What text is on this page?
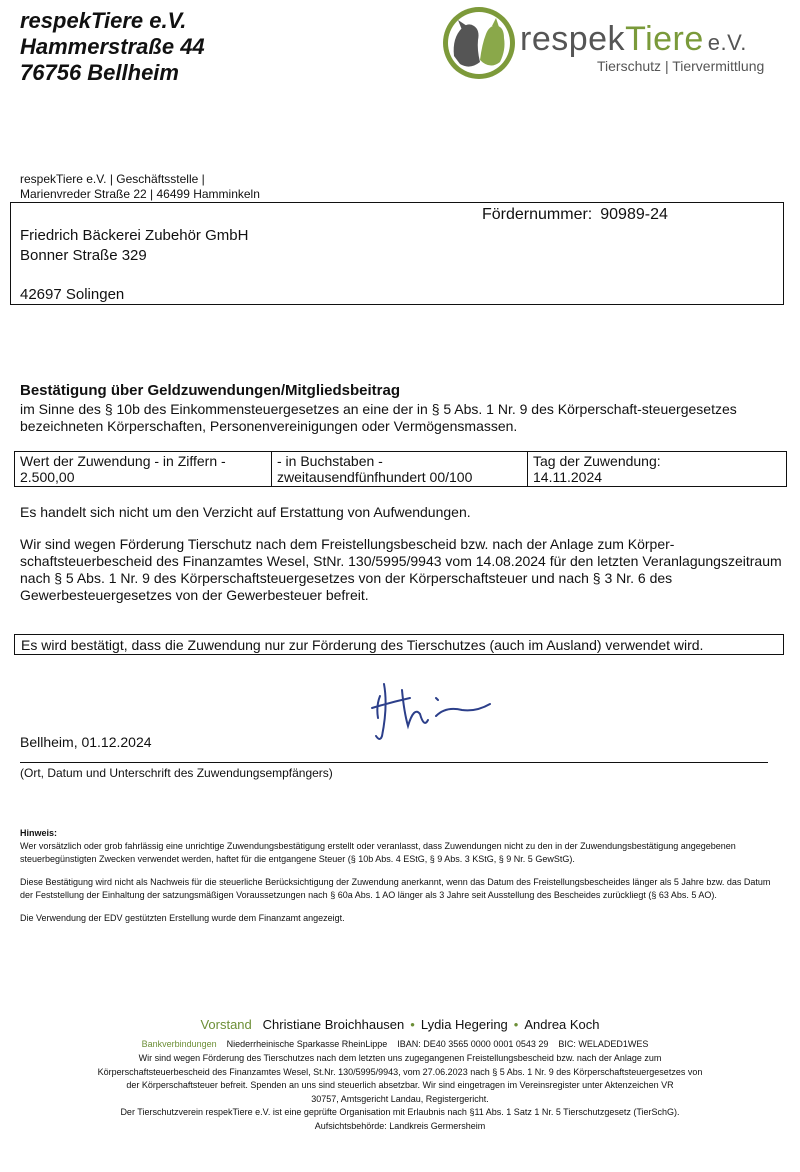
respekTiere e.V.
Hammerstraße 44
76756 Bellheim
respekTiere e.V.
Tierschutz | Tiervermittlung
respekTiere e.V. | Geschäftsstelle |
Marienvreder Straße 22 | 46499 Hamminkeln
Fördernummer: 90989-24
Friedrich Bäckerei Zubehör GmbH
Bonner Straße 329
42697 Solingen
Bestätigung über Geldzuwendungen/Mitgliedsbeitrag
im Sinne des § 10b des Einkommensteuergesetzes an eine der in § 5 Abs. 1 Nr. 9 des Körperschaft-steuergesetzes bezeichneten Körperschaften, Personenvereinigungen oder Vermögensmassen.
Wert der Zuwendung - in Ziffern -
2.500,00

- in Buchstaben -
zweitausendfünfhundert 00/100

Tag der Zuwendung:
14.11.2024
Es handelt sich nicht um den Verzicht auf Erstattung von Aufwendungen.
Wir sind wegen Förderung Tierschutz nach dem Freistellungsbescheid bzw. nach der Anlage zum Körper-schaftsteuerbescheid des Finanzamtes Wesel, StNr. 130/5995/9943 vom 14.08.2024 für den letzten Veranlagungszeitraum nach § 5 Abs. 1 Nr. 9 des Körperschaftsteuergesetzes von der Körperschaftsteuer und nach § 3 Nr. 6 des Gewerbesteuergesetzes von der Gewerbesteuer befreit.
Es wird bestätigt, dass die Zuwendung nur zur Förderung des Tierschutzes (auch im Ausland) verwendet wird.
Bellheim, 01.12.2024
(Ort, Datum und Unterschrift des Zuwendungsempfängers)

Hinweis:

Wer vorsätzlich oder grob fahrlässig eine unrichtige Zuwendungsbestätigung erstellt oder veranlasst, dass Zuwendungen nicht zu den in der Zuwendungsbestätigung angegebenen steuerbegünstigten Zwecken verwendet werden, haftet für die entgangene Steuer (§ 10b Abs. 4 EStG, § 9 Abs. 3 KStG, § 9 Nr. 5 GewStG).

Diese Bestätigung wird nicht als Nachweis für die steuerliche Berücksichtigung der Zuwendung anerkannt, wenn das Datum des Freistellungsbescheides länger als 5 Jahre bzw. das Datum der Feststellung der Einhaltung der satzungsmäßigen Voraussetzungen nach § 60a Abs. 1 AO länger als 3 Jahre seit Ausstellung des Bescheides zurückliegt (§ 63 Abs. 5 AO).

Die Verwendung der EDV gestützten Erstellung wurde dem Finanzamt angezeigt.

Vorstand Christiane Broichhausen • Lydia Hegering • Andrea Koch
Bankverbindungen Niederrheinische Sparkasse RheinLippe IBAN: DE40 3565 0000 0001 0543 29 BIC: WELADED1WES
Wir sind wegen Förderung des Tierschutzes nach dem letzten uns zugegangenen Freistellungsbescheid bzw. nach der Anlage zum
Körperschaftsteuerbescheid des Finanzamtes Wesel, St.Nr. 130/5995/9943, vom 27.06.2023 nach § 5 Abs. 1 Nr. 9 des Körperschaftsteuergesetzes von
der Körperschaftsteuer befreit. Spenden an uns sind steuerlich absetzbar. Wir sind eingetragen im Vereinsregister unter Aktenzeichen VR
30757, Amtsgericht Landau, Registergericht.
Der Tierschutzverein respekTiere e.V. ist eine geprüfte Organisation mit Erlaubnis nach §11 Abs. 1 Satz 1 Nr. 5 Tierschutzgesetz (TierSchG).
Aufsichtsbehörde: Landkreis Germersheim
